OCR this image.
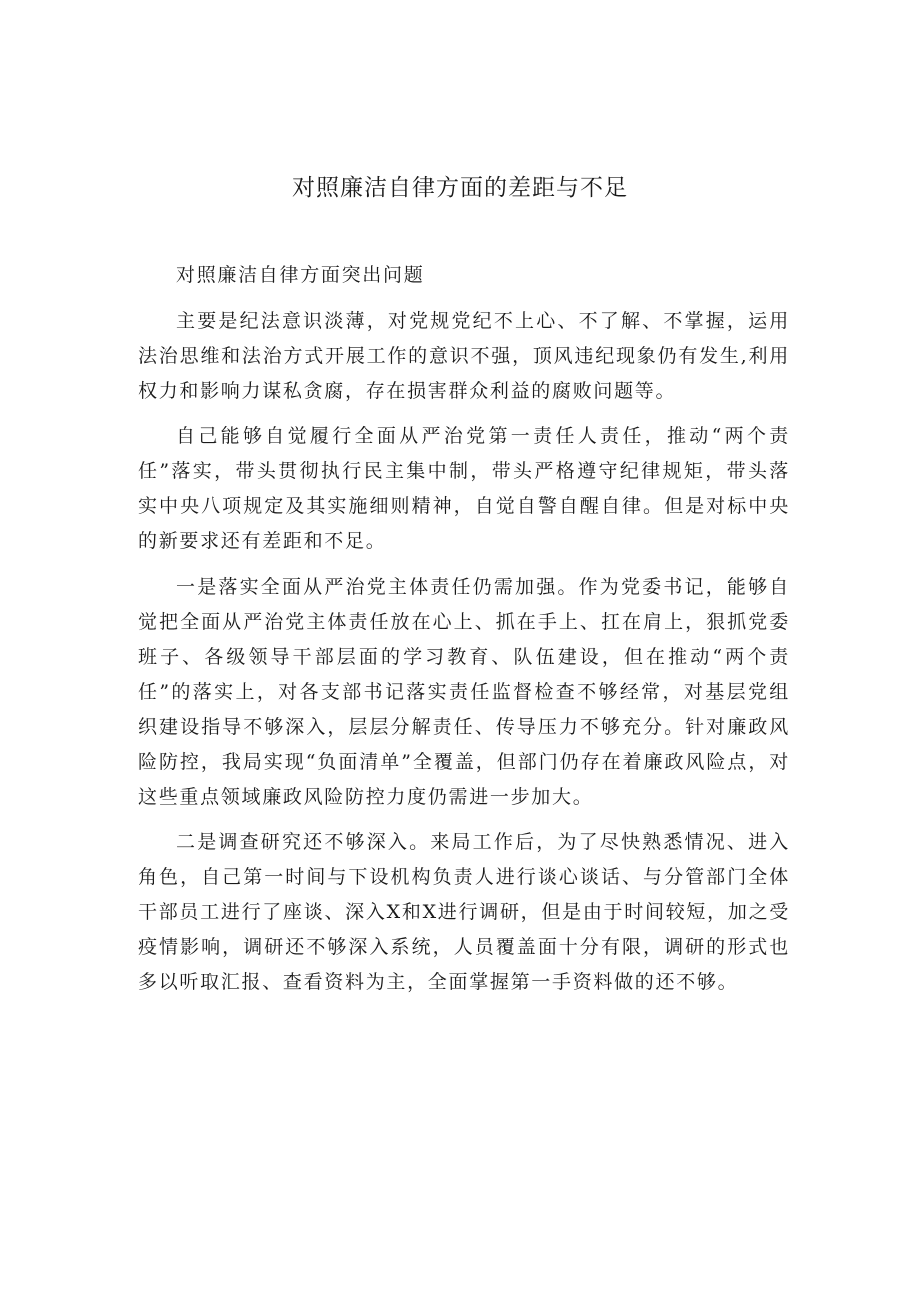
对照廉洁自律方面的差距与不足

对照廉洁自律方面突出问题

主要是纪法意识淡薄，对党规党纪不上心、不了解、不掌握，运用法治思维和法治方式开展工作的意识不强，顶风违纪现象仍有发生,利用权力和影响力谋私贪腐，存在损害群众利益的腐败问题等。

自己能够自觉履行全面从严治党第一责任人责任，推动“两个责任”落实，带头贯彻执行民主集中制，带头严格遵守纪律规矩，带头落实中央八项规定及其实施细则精神，自觉自警自醒自律。但是对标中央的新要求还有差距和不足。

一是落实全面从严治党主体责任仍需加强。作为党委书记，能够自觉把全面从严治党主体责任放在心上、抓在手上、扛在肩上，狠抓党委班子、各级领导干部层面的学习教育、队伍建设，但在推动“两个责任”的落实上，对各支部书记落实责任监督检查不够经常，对基层党组织建设指导不够深入，层层分解责任、传导压力不够充分。针对廉政风险防控，我局实现“负面清单”全覆盖，但部门仍存在着廉政风险点，对这些重点领域廉政风险防控力度仍需进一步加大。

二是调查研究还不够深入。来局工作后，为了尽快熟悉情况、进入角色，自己第一时间与下设机构负责人进行谈心谈话、与分管部门全体干部员工进行了座谈、深入X和X进行调研，但是由于时间较短，加之受疫情影响，调研还不够深入系统，人员覆盖面十分有限，调研的形式也多以听取汇报、查看资料为主，全面掌握第一手资料做的还不够。
